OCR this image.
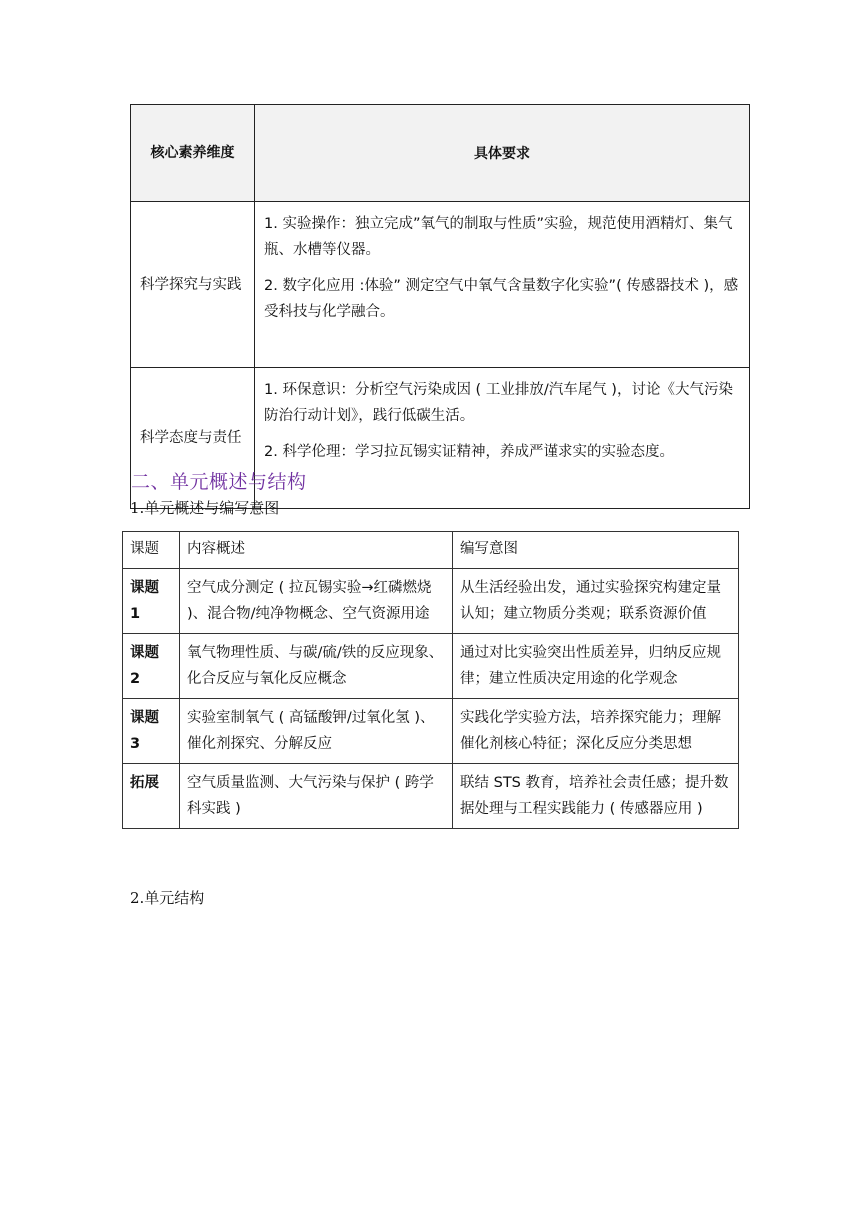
核心素养维度	具体要求
科学探究与实践	1. 实验操作：独立完成”氧气的制取与性质”实验，规范使用酒精灯、集气瓶、水槽等仪器。

2. 数字化应用 :体验” 测定空气中氧气含量数字化实验”( 传感器技术 )，感受科技与化学融合。

科学态度与责任	1. 环保意识：分析空气污染成因 ( 工业排放/汽车尾气 )，讨论《大气污染防治行动计划》，践行低碳生活。

2. 科学伦理：学习拉瓦锡实证精神，养成严谨求实的实验态度。

二、单元概述与结构

1.单元概述与编写意图

课题	内容概述	编写意图
课题 1	空气成分测定 ( 拉瓦锡实验→红磷燃烧 )、混合物/纯净物概念、空气资源用途	从生活经验出发，通过实验探究构建定量认知；建立物质分类观；联系资源价值
课题 2	氧气物理性质、与碳/硫/铁的反应现象、化合反应与氧化反应概念	通过对比实验突出性质差异，归纳反应规律；建立性质决定用途的化学观念
课题 3	实验室制氧气 ( 高锰酸钾/过氧化氢 )、催化剂探究、分解反应	实践化学实验方法，培养探究能力；理解催化剂核心特征；深化反应分类思想
拓展	空气质量监测、大气污染与保护 ( 跨学科实践 )	联结 STS 教育，培养社会责任感；提升数据处理与工程实践能力 ( 传感器应用 )

2.单元结构
